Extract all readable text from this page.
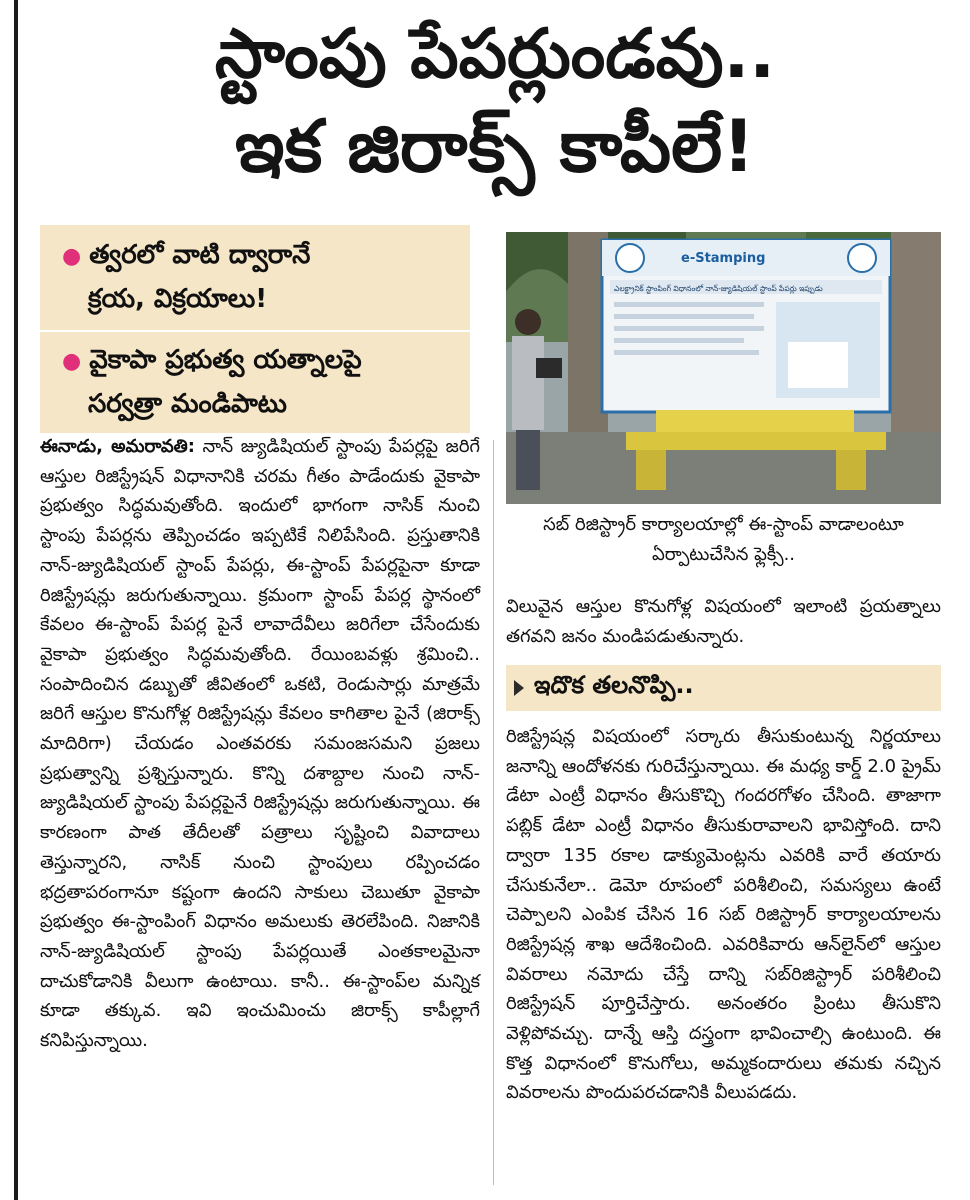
స్టాంపు పేపర్లుండవు..
ఇక జిరాక్స్ కాపీలే!
● త్వరలో వాటి ద్వారానే
క్రయ, విక్రయాలు!
● వైకాపా ప్రభుత్వ యత్నాలపై
సర్వత్రా మండిపాటు
e-Stamping
ఎలక్ట్రానిక్ స్టాంపింగ్ విధానంలో నాన్-జ్యుడిషియల్ స్టాంప్ పేపర్లు ఇప్పుడు
సబ్ రిజిస్ట్రార్ కార్యాలయాల్లో ఈ-స్టాంప్ వాడాలంటూ ఏర్పాటుచేసిన ఫ్లెక్సీ..
ఈనాడు, అమరావతి: నాన్ జ్యుడిషియల్ స్టాంపు పేపర్లపై జరిగే ఆస్తుల రిజిస్ట్రేషన్ విధానానికి చరమ గీతం పాడేందుకు వైకాపా ప్రభుత్వం సిద్ధమవుతోంది. ఇందులో భాగంగా నాసిక్ నుంచి స్టాంపు పేపర్లను తెప్పించడం ఇప్పటికే నిలిపేసింది. ప్రస్తుతానికి నాన్-జ్యుడిషియల్ స్టాంప్ పేపర్లు, ఈ-స్టాంప్ పేపర్లపైనా కూడా రిజిస్ట్రేషన్లు జరుగుతున్నాయి. క్రమంగా స్టాంప్ పేపర్ల స్థానంలో కేవలం ఈ-స్టాంప్ పేపర్ల పైనే లావాదేవీలు జరిగేలా చేసేందుకు వైకాపా ప్రభుత్వం సిద్ధమవుతోంది. రేయింబవళ్లు శ్రమించి.. సంపాదించిన డబ్బుతో జీవితంలో ఒకటి, రెండుసార్లు మాత్రమే జరిగే ఆస్తుల కొనుగోళ్ల రిజిస్ట్రేషన్లు కేవలం కాగితాల పైనే (జిరాక్స్ మాదిరిగా) చేయడం ఎంతవరకు సమంజసమని ప్రజలు ప్రభుత్వాన్ని ప్రశ్నిస్తున్నారు. కొన్ని దశాబ్దాల నుంచి నాన్-జ్యుడిషియల్ స్టాంపు పేపర్లపైనే రిజిస్ట్రేషన్లు జరుగుతున్నాయి. ఈ కారణంగా పాత తేదీలతో పత్రాలు సృష్టించి వివాదాలు తెస్తున్నారని, నాసిక్ నుంచి స్టాంపులు రప్పించడం భద్రతాపరంగానూ కష్టంగా ఉందని సాకులు చెబుతూ వైకాపా ప్రభుత్వం ఈ-స్టాంపింగ్ విధానం అమలుకు తెరలేపింది. నిజానికి నాన్-జ్యుడిషియల్ స్టాంపు పేపర్లయితే ఎంతకాలమైనా దాచుకోడానికి వీలుగా ఉంటాయి. కానీ.. ఈ-స్టాంప్‌ల మన్నిక కూడా తక్కువ. ఇవి ఇంచుమించు జిరాక్స్ కాపీల్లాగే కనిపిస్తున్నాయి.
విలువైన ఆస్తుల కొనుగోళ్ల విషయంలో ఇలాంటి ప్రయత్నాలు తగవని జనం మండిపడుతున్నారు.
ఇదొక తలనొప్పి..
రిజిస్ట్రేషన్ల విషయంలో సర్కారు తీసుకుంటున్న నిర్ణయాలు జనాన్ని ఆందోళనకు గురిచేస్తున్నాయి. ఈ మధ్య కార్డ్ 2.0 ప్రైమ్ డేటా ఎంట్రీ విధానం తీసుకొచ్చి గందరగోళం చేసింది. తాజాగా పబ్లిక్ డేటా ఎంట్రీ విధానం తీసుకురావాలని భావిస్తోంది. దాని ద్వారా 135 రకాల డాక్యుమెంట్లను ఎవరికి వారే తయారు చేసుకునేలా.. డెమో రూపంలో పరిశీలించి, సమస్యలు ఉంటే చెప్పాలని ఎంపిక చేసిన 16 సబ్ రిజిస్ట్రార్ కార్యాలయాలను రిజిస్ట్రేషన్ల శాఖ ఆదేశించింది. ఎవరికివారు ఆన్‌లైన్‌లో ఆస్తుల వివరాలు నమోదు చేస్తే దాన్ని సబ్‌రిజిస్ట్రార్ పరిశీలించి రిజిస్ట్రేషన్ పూర్తిచేస్తారు. అనంతరం ప్రింటు తీసుకొని వెళ్లిపోవచ్చు. దాన్నే ఆస్తి దస్త్రంగా భావించాల్సి ఉంటుంది. ఈ కొత్త విధానంలో కొనుగోలు, అమ్మకందారులు తమకు నచ్చిన వివరాలను పొందుపరచడానికి వీలుపడదు.
